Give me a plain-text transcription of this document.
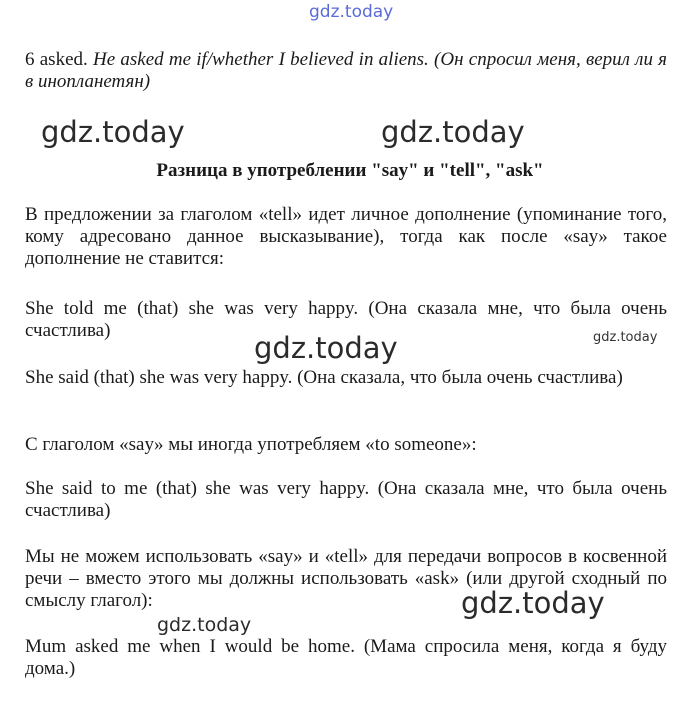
gdz.today
6 asked. He asked me if/whether I believed in aliens. (Он спросил меня, верил ли я в инопланетян)
gdz.today	gdz.today
Разница в употреблении "say" и "tell", "ask"
В предложении за глаголом «tell» идет личное дополнение (упоминание того, кому адресовано данное высказывание), тогда как после «say» такое дополнение не ставится:
She told me (that) she was very happy. (Она сказала мне, что была очень счастлива)	gdz.today
gdz.today
She said (that) she was very happy. (Она сказала, что была очень счастлива)
С глаголом «say» мы иногда употребляем «to someone»:
She said to me (that) she was very happy. (Она сказала мне, что была очень счастлива)
Мы не можем использовать «say» и «tell» для передачи вопросов в косвенной речи – вместо этого мы должны использовать «ask» (или другой сходный по смыслу глагол):	gdz.today
gdz.today
Mum asked me when I would be home. (Мама спросила меня, когда я буду дома.)
